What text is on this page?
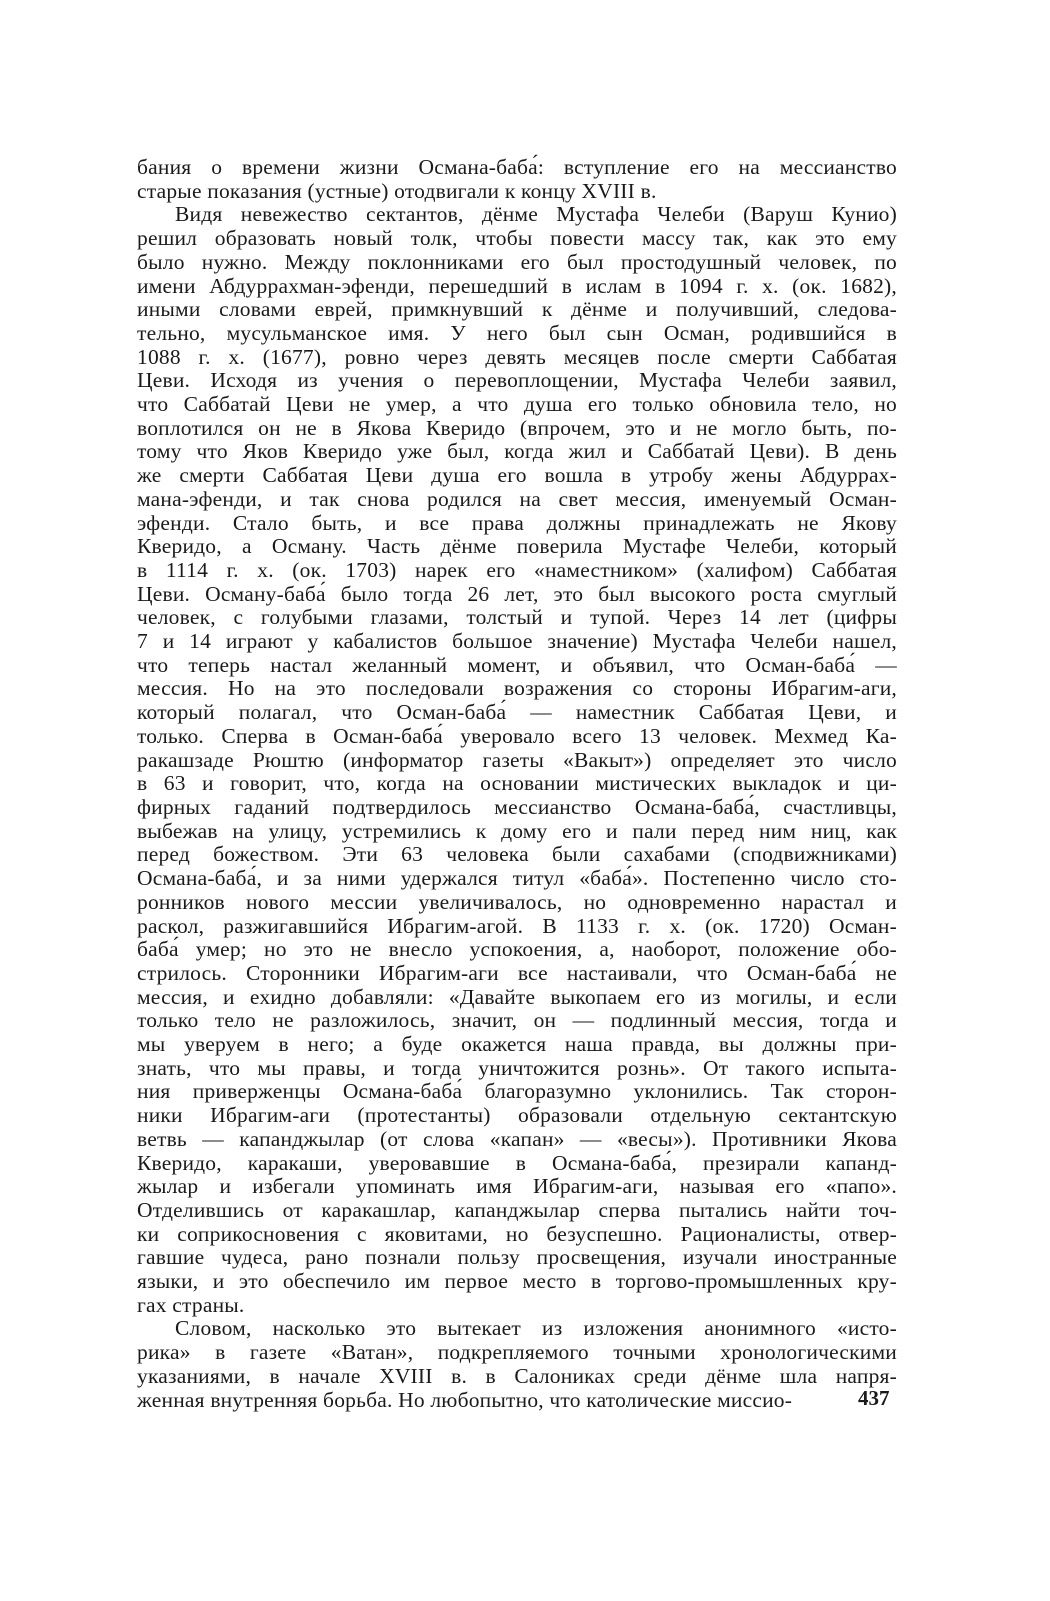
бания о времени жизни Османа-баба́: вступление его на мессианство
старые показания (устные) отодвигали к концу XVIII в.

Видя невежество сектантов, дёнме Мустафа Челеби (Варуш Кунио)
решил образовать новый толк, чтобы повести массу так, как это ему
было нужно. Между поклонниками его был простодушный человек, по
имени Абдуррахман-эфенди, перешедший в ислам в 1094 г. х. (ок. 1682),
иными словами еврей, примкнувший к дёнме и получивший, следова-
тельно, мусульманское имя. У него был сын Осман, родившийся в
1088 г. х. (1677), ровно через девять месяцев после смерти Саббатая
Цеви. Исходя из учения о перевоплощении, Мустафа Челеби заявил,
что Саббатай Цеви не умер, а что душа его только обновила тело, но
воплотился он не в Якова Кверидо (впрочем, это и не могло быть, по-
тому что Яков Кверидо уже был, когда жил и Саббатай Цеви). В день
же смерти Саббатая Цеви душа его вошла в утробу жены Абдуррах-
мана-эфенди, и так снова родился на свет мессия, именуемый Осман-
эфенди. Стало быть, и все права должны принадлежать не Якову
Кверидо, а Осману. Часть дёнме поверила Мустафе Челеби, который
в 1114 г. х. (ок. 1703) нарек его «наместником» (халифом) Саббатая
Цеви. Осману-баба́ было тогда 26 лет, это был высокого роста смуглый
человек, с голубыми глазами, толстый и тупой. Через 14 лет (цифры
7 и 14 играют у кабалистов большое значение) Мустафа Челеби нашел,
что теперь настал желанный момент, и объявил, что Осман-баба́ —
мессия. Но на это последовали возражения со стороны Ибрагим-аги,
который полагал, что Осман-баба́ — наместник Саббатая Цеви, и
только. Сперва в Осман-баба́ уверовало всего 13 человек. Мехмед Ка-
ракашзаде Рюштю (информатор газеты «Вакыт») определяет это число
в 63 и говорит, что, когда на основании мистических выкладок и ци-
фирных гаданий подтвердилось мессианство Османа-баба́, счастливцы,
выбежав на улицу, устремились к дому его и пали перед ним ниц, как
перед божеством. Эти 63 человека были сахабами (сподвижниками)
Османа-баба́, и за ними удержался титул «баба́». Постепенно число сто-
ронников нового мессии увеличивалось, но одновременно нарастал и
раскол, разжигавшийся Ибрагим-агой. В 1133 г. х. (ок. 1720) Осман-
баба́ умер; но это не внесло успокоения, а, наоборот, положение обо-
стрилось. Сторонники Ибрагим-аги все настаивали, что Осман-баба́ не
мессия, и ехидно добавляли: «Давайте выкопаем его из могилы, и если
только тело не разложилось, значит, он — подлинный мессия, тогда и
мы уверуем в него; а буде окажется наша правда, вы должны при-
знать, что мы правы, и тогда уничтожится рознь». От такого испыта-
ния приверженцы Османа-баба́ благоразумно уклонились. Так сторон-
ники Ибрагим-аги (протестанты) образовали отдельную сектантскую
ветвь — капанджылар (от слова «капан» — «весы»). Противники Якова
Кверидо, каракаши, уверовавшие в Османа-баба́, презирали капанд-
жылар и избегали упоминать имя Ибрагим-аги, называя его «папо».
Отделившись от каракашлар, капанджылар сперва пытались найти точ-
ки соприкосновения с яковитами, но безуспешно. Рационалисты, отвер-
гавшие чудеса, рано познали пользу просвещения, изучали иностранные
языки, и это обеспечило им первое место в торгово-промышленных кру-
гах страны.

Словом, насколько это вытекает из изложения анонимного «исто-
рика» в газете «Ватан», подкрепляемого точными хронологическими
указаниями, в начале XVIII в. в Салониках среди дёнме шла напря-
женная внутренняя борьба. Но любопытно, что католические миссио-	437
